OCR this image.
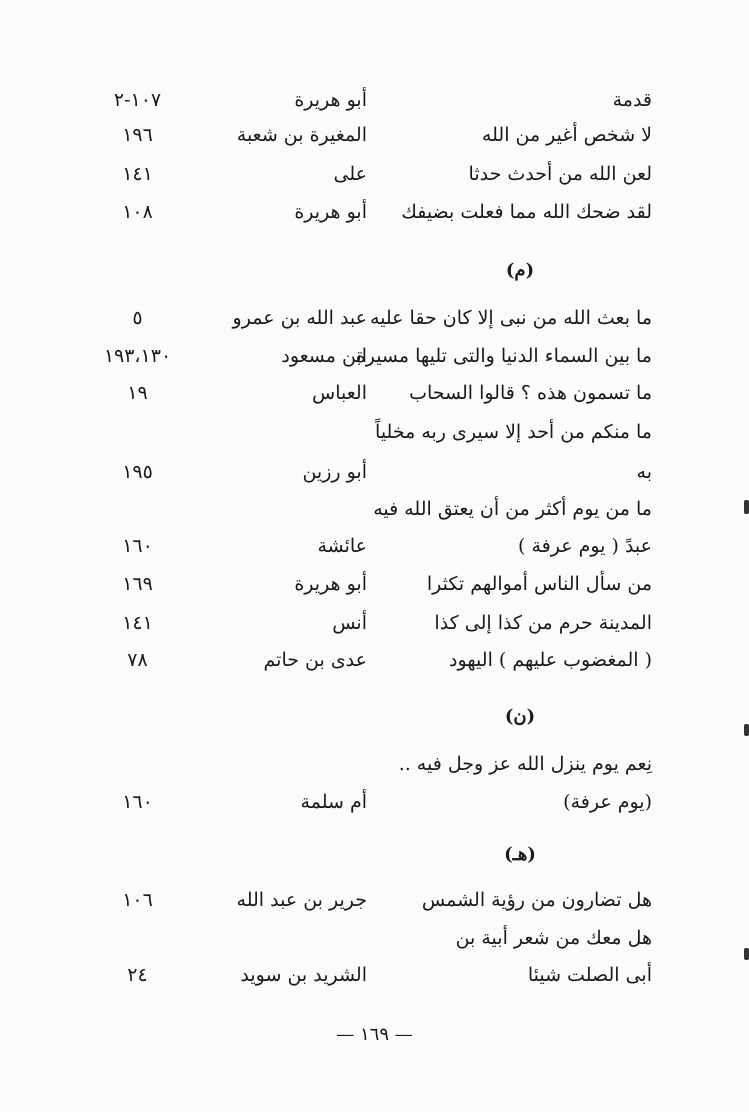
قدمة
أبو هريرة
١٠٧-٢
لا شخص أغير من الله
المغيرة بن شعبة
١٩٦
لعن الله من أحدث حدثا
على
١٤١
لقد ضحك الله مما فعلت بضيفك
أبو هريرة
١٠٨
(م)
ما بعث الله من نبى إلا كان حقا عليه
عبد الله بن عمرو
٥
ما بين السماء الدنيا والتى تليها مسيرة
ابن مسعود
١٩٣،١٣٠
ما تسمون هذه ؟ قالوا السحاب
العباس
١٩
ما منكم من أحد إلا سيرى ربه مخلياً
به
أبو رزين
١٩٥
ما من يوم أكثر من أن يعتق الله فيه
عبدً ( يوم عرفة )
عائشة
١٦٠
من سأل الناس أموالهم تكثرا
أبو هريرة
١٦٩
المدينة حرم من كذا إلى كذا
أنس
١٤١
( المغضوب عليهم ) اليهود
عدى بن حاتم
٧٨
(ن)
نِعم يوم ينزل الله عز وجل فيه ..
(يوم عرفة)
أم سلمة
١٦٠
(هـ)
هل تضارون من رؤية الشمس
جرير بن عبد الله
١٠٦
هل معك من شعر أبية بن
أبى الصلت شيئا
الشريد بن سويد
٢٤
— ١٦٩ —
